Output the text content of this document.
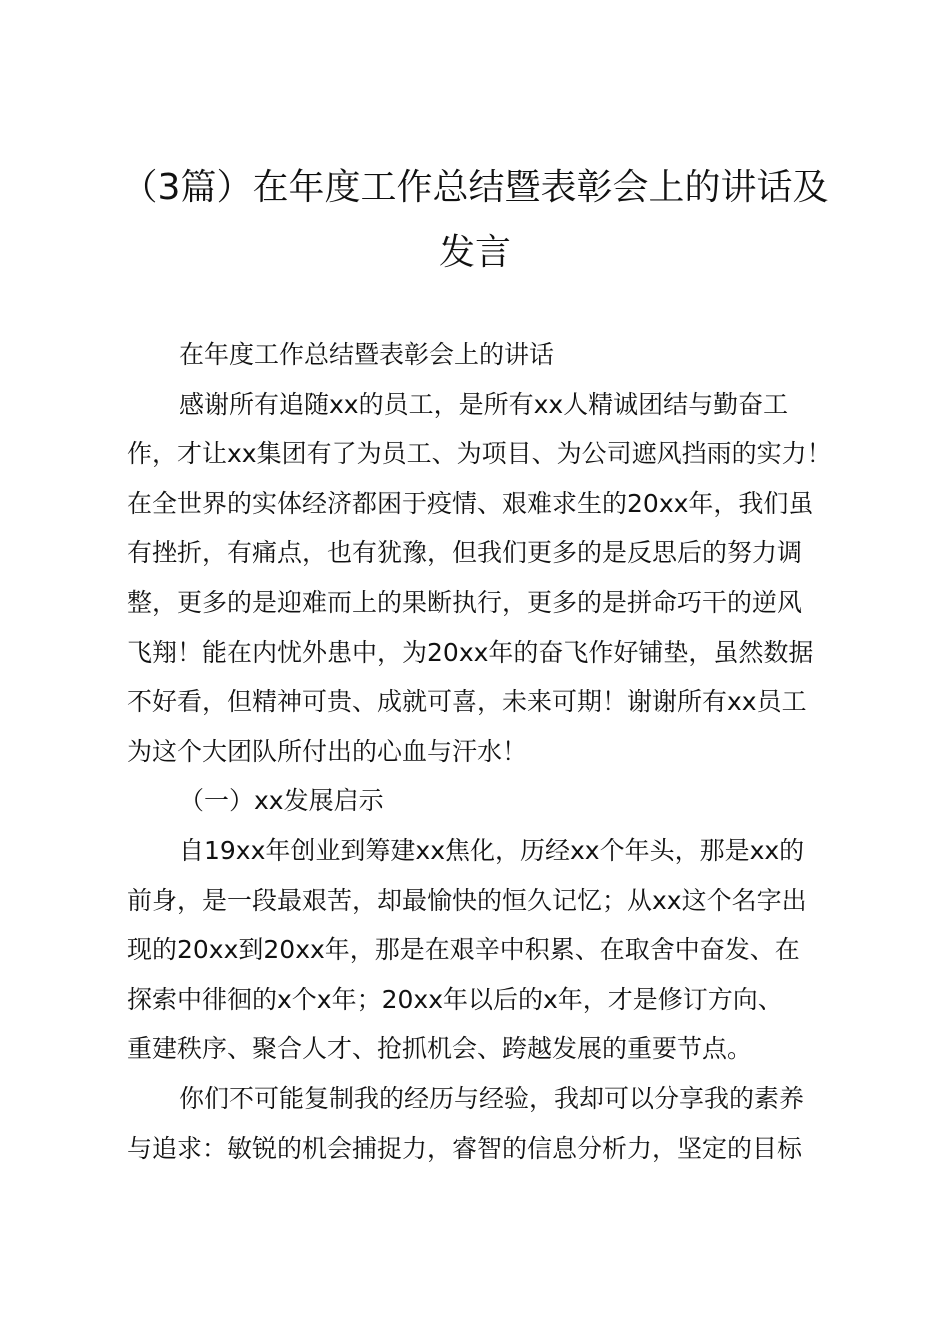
（3篇）在年度工作总结暨表彰会上的讲话及
发言
在年度工作总结暨表彰会上的讲话
感谢所有追随xx的员工，是所有xx人精诚团结与勤奋工
作，才让xx集团有了为员工、为项目、为公司遮风挡雨的实力！
在全世界的实体经济都困于疫情、艰难求生的20xx年，我们虽
有挫折，有痛点，也有犹豫，但我们更多的是反思后的努力调
整，更多的是迎难而上的果断执行，更多的是拼命巧干的逆风
飞翔！能在内忧外患中，为20xx年的奋飞作好铺垫，虽然数据
不好看，但精神可贵、成就可喜，未来可期！谢谢所有xx员工
为这个大团队所付出的心血与汗水！
（一）xx发展启示
自19xx年创业到筹建xx焦化，历经xx个年头，那是xx的
前身，是一段最艰苦，却最愉快的恒久记忆；从xx这个名字出
现的20xx到20xx年，那是在艰辛中积累、在取舍中奋发、在
探索中徘徊的x个x年；20xx年以后的x年，才是修订方向、
重建秩序、聚合人才、抢抓机会、跨越发展的重要节点。
你们不可能复制我的经历与经验，我却可以分享我的素养
与追求：敏锐的机会捕捉力，睿智的信息分析力，坚定的目标
